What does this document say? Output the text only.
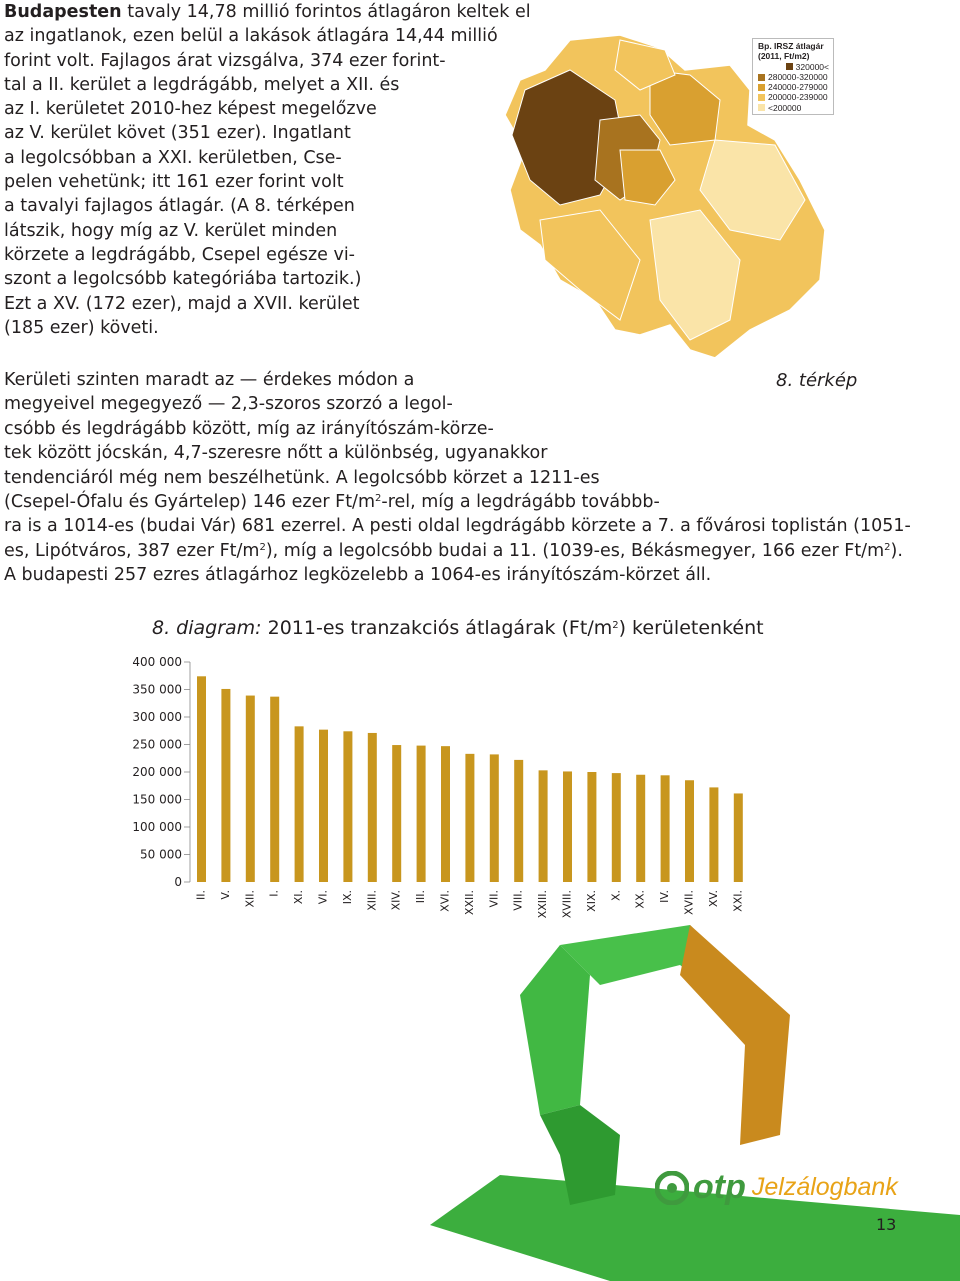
Budapesten tavaly 14,78 millió forintos átlagáron keltek el

az ingatlanok, ezen belül a lakások átlagára 14,44 millió

forint volt. Fajlagos árat vizsgálva, 374 ezer forint-

tal a II. kerület a legdrágább, melyet a XII. és

az I. kerületet 2010-hez képest megelőzve

az V. kerület követ (351 ezer). Ingatlant

a legolcsóbban a XXI. kerületben, Cse-

pelen vehetünk; itt 161 ezer forint volt

a tavalyi fajlagos átlagár. (A 8. térképen

látszik, hogy míg az V. kerület minden

körzete a legdrágább, Csepel egésze vi-

szont a legolcsóbb kategóriába tartozik.)

Ezt a XV. (172 ezer), majd a XVII. kerület

(185 ezer) követi.

Bp. IRSZ átlagár
(2011, Ft/m2)
320000<
280000-320000
240000-279000
200000-239000
<200000
8. térkép

Kerületi szinten maradt az — érdekes módon a

megyeivel megegyező — 2,3-szoros szorzó a legol-

csóbb és legdrágább között, míg az irányítószám-körze-

tek között jócskán, 4,7-szeresre nőtt a különbség, ugyanakkor

tendenciáról még nem beszélhetünk. A legolcsóbb körzet a 1211-es

(Csepel-Ófalu és Gyártelep) 146 ezer $Ft/m^2$-rel, míg a legdrágább továbbb-

ra is a 1014-es (budai Vár) 681 ezerrel. A pesti oldal legdrágább körzete a 7. a fővárosi toplistán (1051-

es, Lipótváros, 387 ezer $Ft/m^2$), míg a legolcsóbb budai a 11. (1039-es, Békásmegyer, 166 ezer $Ft/m^2$).

A budapesti 257 ezres átlagárhoz legközelebb a 1064-es irányítószám-körzet áll.

8. diagram: 2011-es tranzakciós átlagárak $(Ft/m^2)$ kerületenként
400 000
350 000
300 000
250 000
200 000
150 000
100 000
50 000
0
II. V. XII. I. XI. VI. IX. XIII. XIV. III. XVI. XXII. VII. VIII. XXIII. XVIII. XIX. X. XX. IV. XVII. XV. XXI.
otp Jelzálogbank
13
